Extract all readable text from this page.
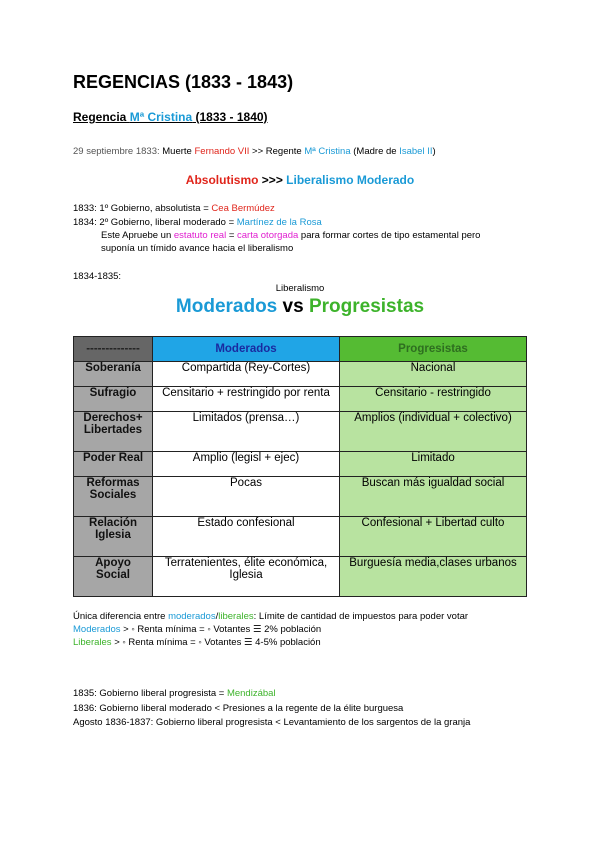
REGENCIAS (1833 - 1843)
Regencia Mª Cristina (1833 - 1840)
29 septiembre 1833: Muerte Fernando VII >> Regente Mª Cristina (Madre de Isabel II)
Absolutismo >>> Liberalismo Moderado
1833: 1º Gobierno, absolutista = Cea Bermúdez
1834: 2º Gobierno, liberal moderado = Martínez de la Rosa
Este Apruebe un estatuto real = carta otorgada para formar cortes de tipo estamental pero
suponía un tímido avance hacia el liberalismo
1834-1835:
Liberalismo
Moderados vs Progresistas
--------------	Moderados	Progresistas
Soberanía	Compartida (Rey-Cortes)	Nacional
Sufragio	Censitario + restringido por renta	Censitario - restringido
Derechos+ Libertades	Limitados (prensa…)	Amplios (individual + colectivo)
Poder Real	Amplio (legisl + ejec)	Limitado
Reformas Sociales	Pocas	Buscan más igualdad social
Relación Iglesia	Estado confesional	Confesional + Libertad culto
Apoyo Social	Terratenientes, élite económica, Iglesia	Burguesía media,clases urbanos
Única diferencia entre moderados/liberales: Límite de cantidad de impuestos para poder votar
Moderados > ◦ Renta mínima = ◦ Votantes ☰ 2% población
Liberales > ◦ Renta mínima = ◦ Votantes ☰ 4-5% población
1835: Gobierno liberal progresista = Mendizábal
1836: Gobierno liberal moderado < Presiones a la regente de la élite burguesa
Agosto 1836-1837: Gobierno liberal progresista < Levantamiento de los sargentos de la granja
